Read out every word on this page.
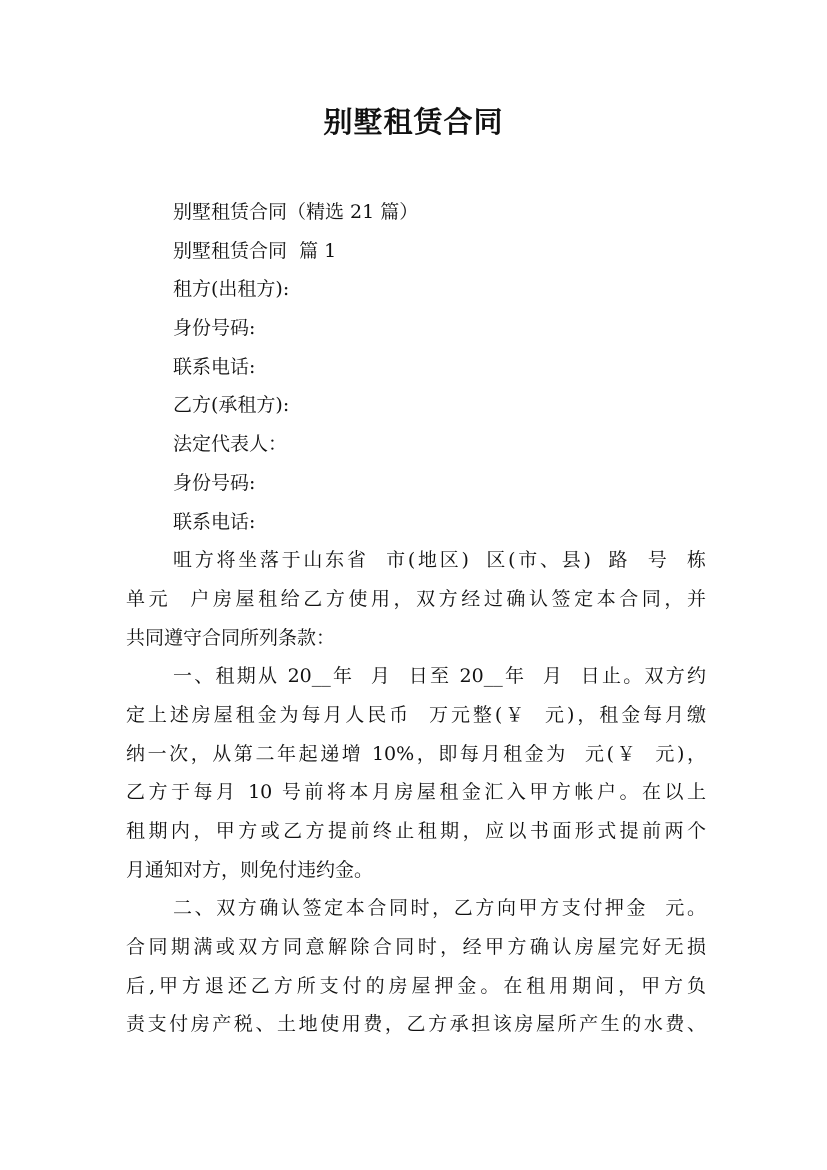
别墅租赁合同
别墅租赁合同（精选 21 篇）
别墅租赁合同  篇 1
租方(出租方):
身份号码:
联系电话:
乙方(承租方):
法定代表人：
身份号码:
联系电话:
咀方将坐落于山东省  市(地区)  区(市、县)  路  号  栋
单元  户房屋租给乙方使用，双方经过确认签定本合同，并
共同遵守合同所列条款：
一、租期从 20__年  月  日至 20__年  月  日止。双方约
定上述房屋租金为每月人民币  万元整(￥  元)，租金每月缴
纳一次，从第二年起递增 10%，即每月租金为  元(￥  元)，
乙方于每月 10 号前将本月房屋租金汇入甲方帐户。在以上
租期内，甲方或乙方提前终止租期，应以书面形式提前两个
月通知对方，则免付违约金。
二、双方确认签定本合同时，乙方向甲方支付押金  元。
合同期满或双方同意解除合同时，经甲方确认房屋完好无损
后,甲方退还乙方所支付的房屋押金。在租用期间，甲方负
责支付房产税、土地使用费，乙方承担该房屋所产生的水费、
